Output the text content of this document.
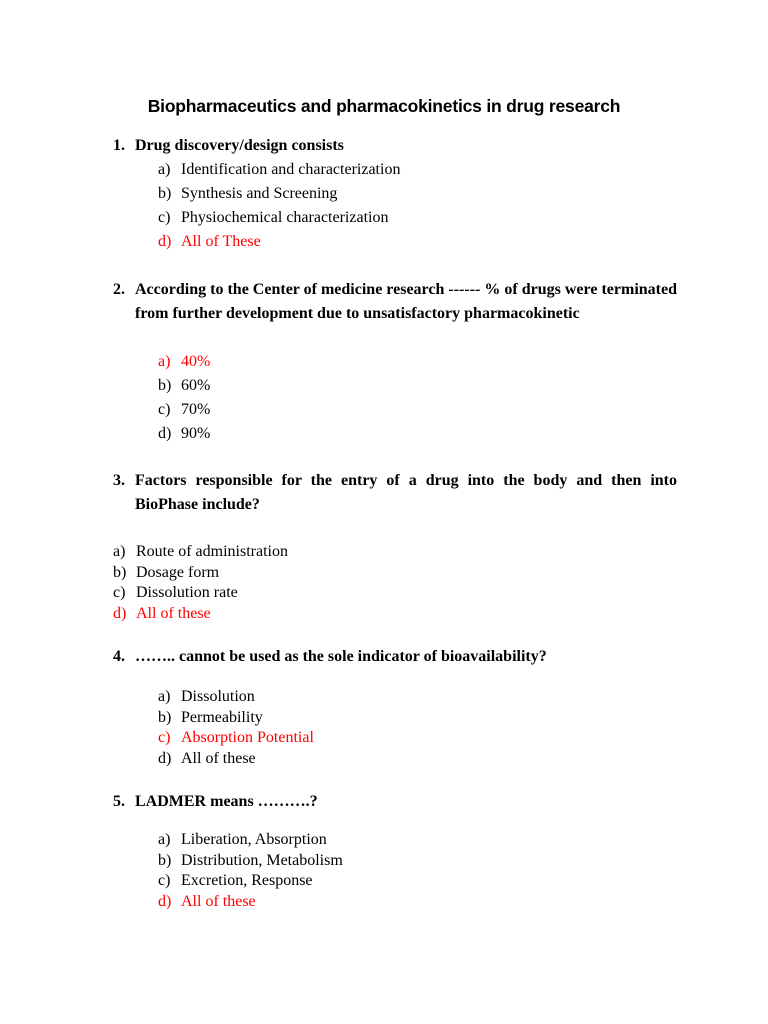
Biopharmaceutics and pharmacokinetics in drug research
1. Drug discovery/design consists
a) Identification and characterization
b) Synthesis and Screening
c) Physiochemical characterization
d) All of These
2. According to the Center of medicine research ------ % of drugs were terminated from further development due to unsatisfactory pharmacokinetic
a) 40%
b) 60%
c) 70%
d) 90%
3. Factors responsible for the entry of a drug into the body and then into BioPhase include?
a) Route of administration
b) Dosage form
c) Dissolution rate
d) All of these
4. …….. cannot be used as the sole indicator of bioavailability?
a) Dissolution
b) Permeability
c) Absorption Potential
d) All of these
5. LADMER means ……….?
a) Liberation, Absorption
b) Distribution, Metabolism
c) Excretion, Response
d) All of these
